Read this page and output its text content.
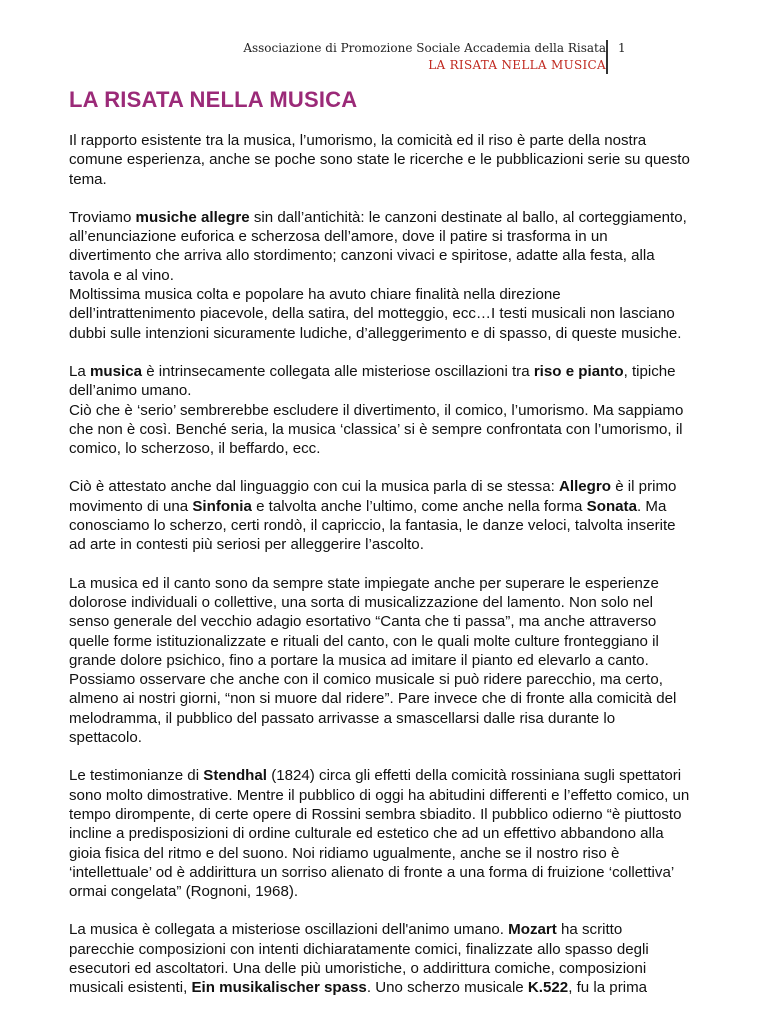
Associazione di Promozione Sociale Accademia della Risata
LA RISATA NELLA MUSICA
1
LA RISATA NELLA MUSICA

Il rapporto esistente tra la musica, l’umorismo, la comicità ed il riso è parte della nostra comune esperienza, anche se poche sono state le ricerche e le pubblicazioni serie su questo tema.

Troviamo musiche allegre sin dall’antichità: le canzoni destinate al ballo, al corteggiamento, all’enunciazione euforica e scherzosa dell’amore, dove il patire si trasforma in un divertimento che arriva allo stordimento; canzoni vivaci e spiritose, adatte alla festa, alla tavola e al vino.

Moltissima musica colta e popolare ha avuto chiare finalità nella direzione dell’intrattenimento piacevole, della satira, del motteggio, ecc…I testi musicali non lasciano dubbi sulle intenzioni sicuramente ludiche, d’alleggerimento e di spasso, di queste musiche.

La musica è intrinsecamente collegata alle misteriose oscillazioni tra riso e pianto, tipiche dell’animo umano.

Ciò che è ‘serio’ sembrerebbe escludere il divertimento, il comico, l’umorismo. Ma sappiamo che non è così. Benché seria, la musica ‘classica’ si è sempre confrontata con l’umorismo, il comico, lo scherzoso, il beffardo, ecc.

Ciò è attestato anche dal linguaggio con cui la musica parla di se stessa: Allegro è il primo movimento di una Sinfonia e talvolta anche l’ultimo, come anche nella forma Sonata. Ma conosciamo lo scherzo, certi rondò, il capriccio, la fantasia, le danze veloci, talvolta inserite ad arte in contesti più seriosi per alleggerire l’ascolto.

La musica ed il canto sono da sempre state impiegate anche per superare le esperienze dolorose individuali o collettive, una sorta di musicalizzazione del lamento. Non solo nel senso generale del vecchio adagio esortativo “Canta che ti passa”, ma anche attraverso quelle forme istituzionalizzate e rituali del canto, con le quali molte culture fronteggiano il grande dolore psichico, fino a portare la musica ad imitare il pianto ed elevarlo a canto. Possiamo osservare che anche con il comico musicale si può ridere parecchio, ma certo, almeno ai nostri giorni, “non si muore dal ridere”. Pare invece che di fronte alla comicità del melodramma, il pubblico del passato arrivasse a smascellarsi dalle risa durante lo spettacolo.

Le testimonianze di Stendhal (1824) circa gli effetti della comicità rossiniana sugli spettatori sono molto dimostrative. Mentre il pubblico di oggi ha abitudini differenti e l’effetto comico, un tempo dirompente, di certe opere di Rossini sembra sbiadito. Il pubblico odierno “è piuttosto incline a predisposizioni di ordine culturale ed estetico che ad un effettivo abbandono alla gioia fisica del ritmo e del suono. Noi ridiamo ugualmente, anche se il nostro riso è ‘intellettuale’ od è addirittura un sorriso alienato di fronte a una forma di fruizione ‘collettiva’ ormai congelata” (Rognoni, 1968).

La musica è collegata a misteriose oscillazioni dell'animo umano. Mozart ha scritto parecchie composizioni con intenti dichiaratamente comici, finalizzate allo spasso degli esecutori ed ascoltatori. Una delle più umoristiche, o addirittura comiche, composizioni musicali esistenti, Ein musikalischer spass. Uno scherzo musicale K.522, fu la prima
